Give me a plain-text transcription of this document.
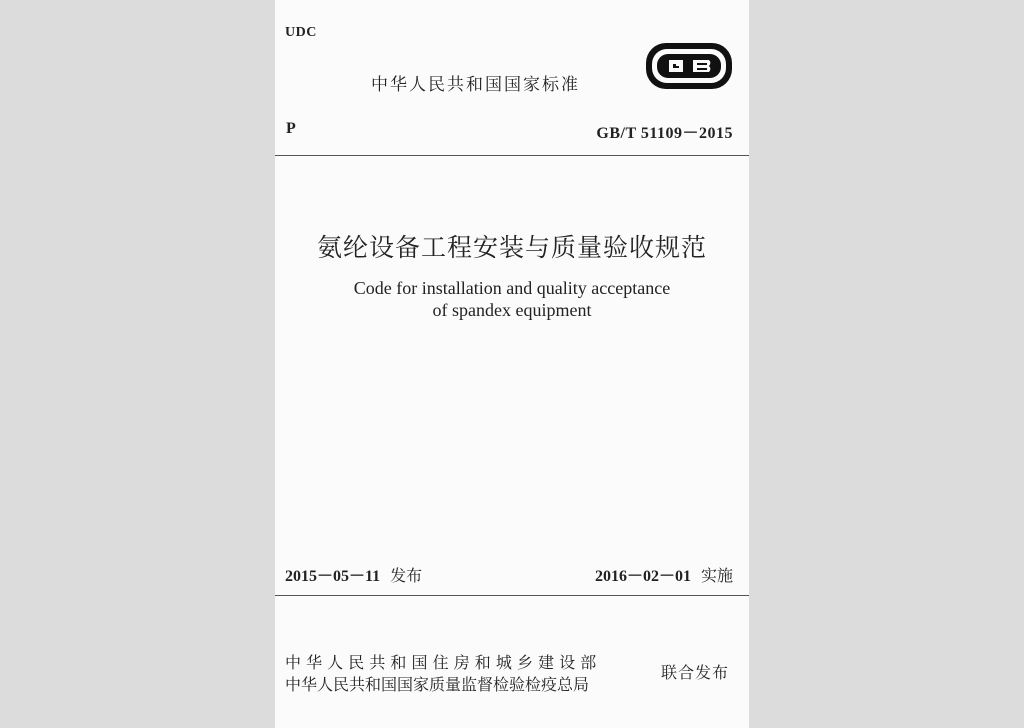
UDC
中华人民共和国国家标准
P	GB/T 51109－2015
氨纶设备工程安装与质量验收规范
Code for installation and quality acceptance
of spandex equipment
2015－05－11 发布	2016－02－01 实施
中 华 人 民 共 和 国 住 房 和 城 乡 建 设 部
中华人民共和国国家质量监督检验检疫总局
联合发布
